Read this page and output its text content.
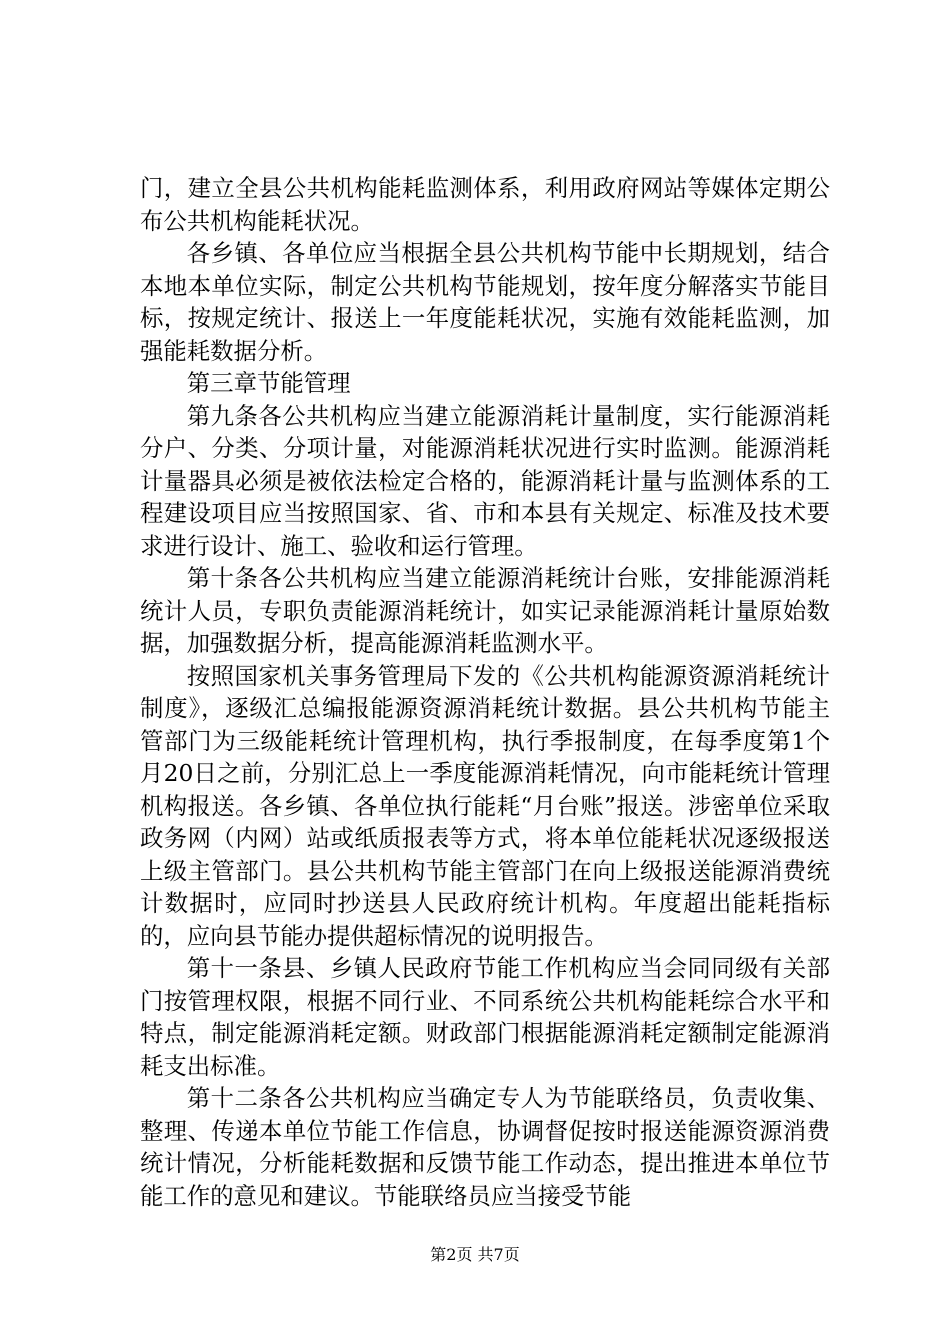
门，建立全县公共机构能耗监测体系，利用政府网站等媒体定期公布公共机构能耗状况。

各乡镇、各单位应当根据全县公共机构节能中长期规划，结合本地本单位实际，制定公共机构节能规划，按年度分解落实节能目标，按规定统计、报送上一年度能耗状况，实施有效能耗监测，加强能耗数据分析。

第三章节能管理

第九条各公共机构应当建立能源消耗计量制度，实行能源消耗分户、分类、分项计量，对能源消耗状况进行实时监测。能源消耗计量器具必须是被依法检定合格的，能源消耗计量与监测体系的工程建设项目应当按照国家、省、市和本县有关规定、标准及技术要求进行设计、施工、验收和运行管理。

第十条各公共机构应当建立能源消耗统计台账，安排能源消耗统计人员，专职负责能源消耗统计，如实记录能源消耗计量原始数据，加强数据分析，提高能源消耗监测水平。

按照国家机关事务管理局下发的《公共机构能源资源消耗统计制度》，逐级汇总编报能源资源消耗统计数据。县公共机构节能主管部门为三级能耗统计管理机构，执行季报制度，在每季度第1个月20日之前，分别汇总上一季度能源消耗情况，向市能耗统计管理机构报送。各乡镇、各单位执行能耗“月台账”报送。涉密单位采取政务网（内网）站或纸质报表等方式，将本单位能耗状况逐级报送上级主管部门。县公共机构节能主管部门在向上级报送能源消费统计数据时，应同时抄送县人民政府统计机构。年度超出能耗指标的，应向县节能办提供超标情况的说明报告。

第十一条县、乡镇人民政府节能工作机构应当会同同级有关部门按管理权限，根据不同行业、不同系统公共机构能耗综合水平和特点，制定能源消耗定额。财政部门根据能源消耗定额制定能源消耗支出标准。

第十二条各公共机构应当确定专人为节能联络员，负责收集、整理、传递本单位节能工作信息，协调督促按时报送能源资源消费统计情况，分析能耗数据和反馈节能工作动态，提出推进本单位节能工作的意见和建议。节能联络员应当接受节能

第2页 共7页
